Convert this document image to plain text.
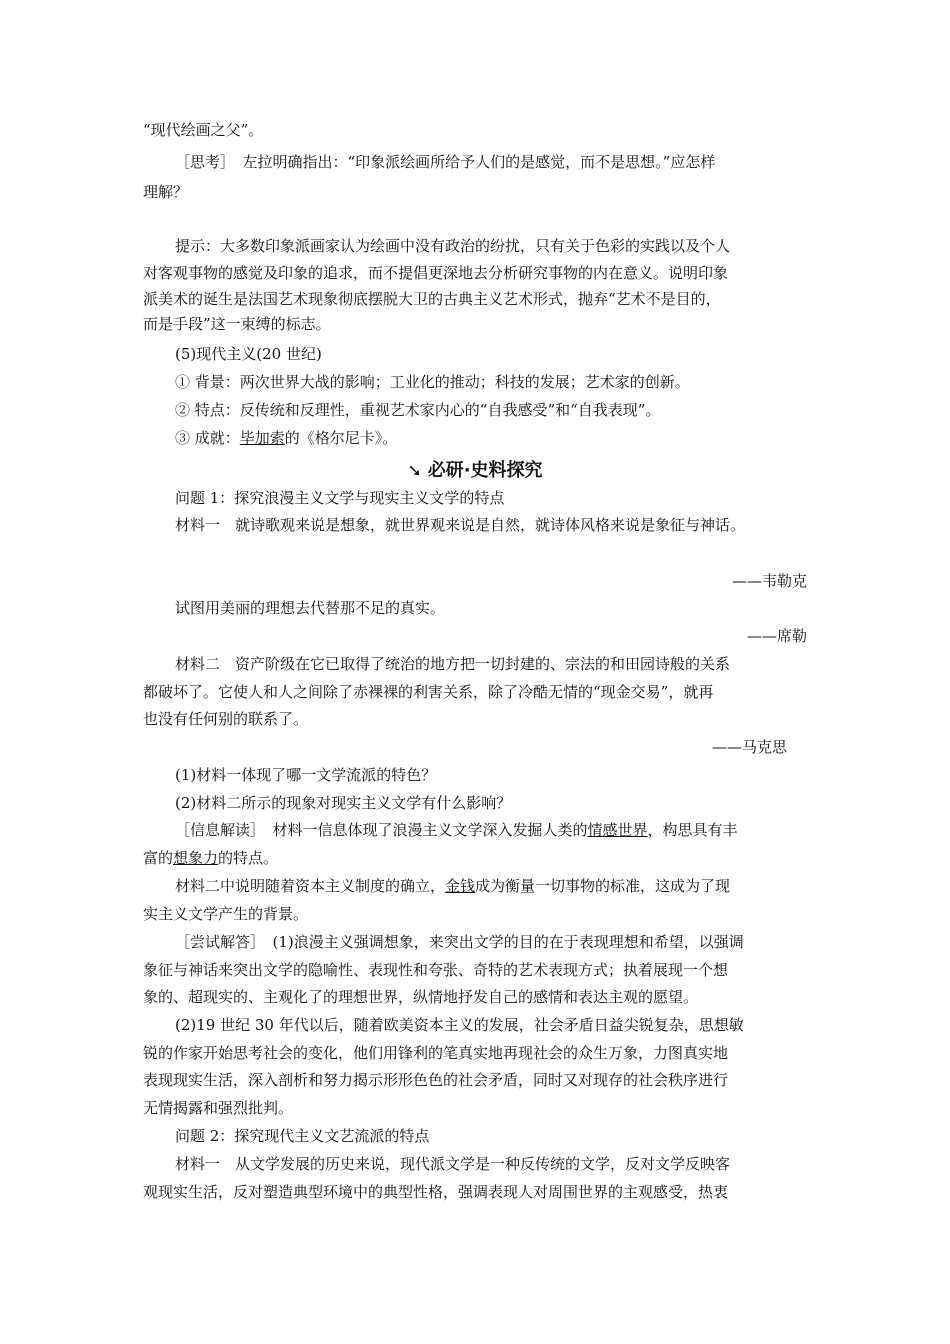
“现代绘画之父”。
［思考］　左拉明确指出：“印象派绘画所给予人们的是感觉，而不是思想。”应怎样
理解？
提示：大多数印象派画家认为绘画中没有政治的纷扰，只有关于色彩的实践以及个人
对客观事物的感觉及印象的追求，而不提倡更深地去分析研究事物的内在意义。说明印象
派美术的诞生是法国艺术现象彻底摆脱大卫的古典主义艺术形式，抛弃“艺术不是目的，
而是手段”这一束缚的标志。
(5)现代主义(20 世纪)
① 背景：两次世界大战的影响；工业化的推动；科技的发展；艺术家的创新。
② 特点：反传统和反理性，重视艺术家内心的“自我感受”和“自我表现”。
③ 成就：毕加索的《格尔尼卡》。
➘ 必研·史料探究
问题 1：探究浪漫主义文学与现实主义文学的特点
材料一　就诗歌观来说是想象，就世界观来说是自然，就诗体风格来说是象征与神话。
——韦勒克
试图用美丽的理想去代替那不足的真实。
——席勒
材料二　资产阶级在它已取得了统治的地方把一切封建的、宗法的和田园诗般的关系
都破坏了。它使人和人之间除了赤裸裸的利害关系，除了冷酷无情的“现金交易”，就再
也没有任何别的联系了。
——马克思
(1)材料一体现了哪一文学流派的特色？
(2)材料二所示的现象对现实主义文学有什么影响？
［信息解读］　材料一信息体现了浪漫主义文学深入发掘人类的情感世界，构思具有丰
富的想象力的特点。
材料二中说明随着资本主义制度的确立，金钱成为衡量一切事物的标准，这成为了现
实主义文学产生的背景。
［尝试解答］　(1)浪漫主义强调想象，来突出文学的目的在于表现理想和希望，以强调
象征与神话来突出文学的隐喻性、表现性和夸张、奇特的艺术表现方式；执着展现一个想
象的、超现实的、主观化了的理想世界，纵情地抒发自己的感情和表达主观的愿望。
(2)19 世纪 30 年代以后，随着欧美资本主义的发展，社会矛盾日益尖锐复杂，思想敏
锐的作家开始思考社会的变化，他们用锋利的笔真实地再现社会的众生万象，力图真实地
表现现实生活，深入剖析和努力揭示形形色色的社会矛盾，同时又对现存的社会秩序进行
无情揭露和强烈批判。
问题 2：探究现代主义文艺流派的特点
材料一　从文学发展的历史来说，现代派文学是一种反传统的文学，反对文学反映客
观现实生活，反对塑造典型环境中的典型性格，强调表现人对周围世界的主观感受，热衷
